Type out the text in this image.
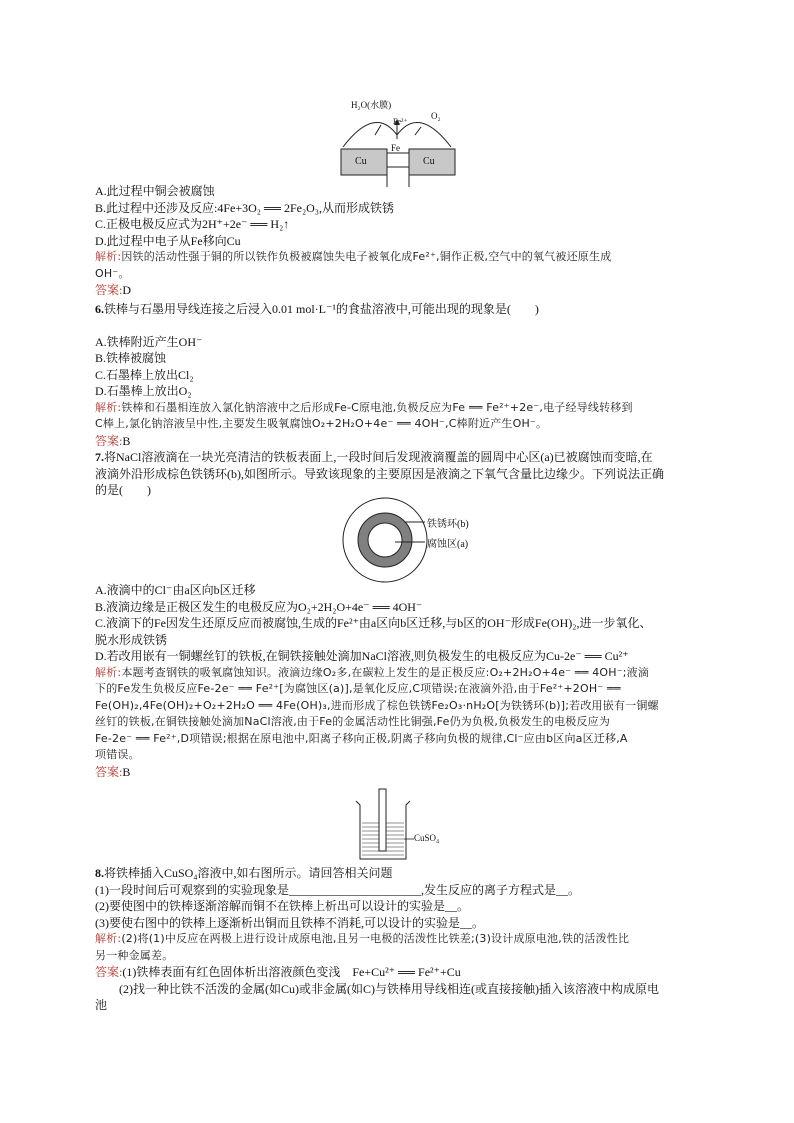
H₂O(水膜)
Fe²⁺
O₂
Fe
Cu	Cu
A.此过程中铜会被腐蚀
B.此过程中还涉及反应:4Fe+3O₂ ══ 2Fe₂O₃,从而形成铁锈
C.正极电极反应式为2H⁺+2e⁻ ══ H₂↑
D.此过程中电子从Fe移向Cu
解析:因铁的活动性强于铜的所以铁作负极被腐蚀失电子被氧化成Fe²⁺,铜作正极,空气中的氧气被还原生成
OH⁻。
答案:D
6.铁棒与石墨用导线连接之后浸入0.01 mol·L⁻¹的食盐溶液中,可能出现的现象是(　　)
A.铁棒附近产生OH⁻
B.铁棒被腐蚀
C.石墨棒上放出Cl₂
D.石墨棒上放出O₂
解析:铁棒和石墨相连放入氯化钠溶液中之后形成Fe-C原电池,负极反应为Fe ══ Fe²⁺+2e⁻,电子经导线转移到
C棒上,氯化钠溶液呈中性,主要发生吸氧腐蚀O₂+2H₂O+4e⁻ ══ 4OH⁻,C棒附近产生OH⁻。
答案:B
7.将NaCl溶液滴在一块光亮清洁的铁板表面上,一段时间后发现液滴覆盖的圆周中心区(a)已被腐蚀而变暗,在
液滴外沿形成棕色铁锈环(b),如图所示。导致该现象的主要原因是液滴之下氧气含量比边缘少。下列说法正确
的是(　　)
A.液滴中的Cl⁻由a区向b区迁移
B.液滴边缘是正极区发生的电极反应为O₂+2H₂O+4e⁻ ══ 4OH⁻
C.液滴下的Fe因发生还原反应而被腐蚀,生成的Fe²⁺由a区向b区迁移,与b区的OH⁻形成Fe(OH)₂,进一步氧化、
脱水形成铁锈
D.若改用嵌有一铜螺丝钉的铁板,在铜铁接触处滴加NaCl溶液,则负极发生的电极反应为Cu-2e⁻ ══ Cu²⁺
解析:本题考查钢铁的吸氧腐蚀知识。液滴边缘O₂多,在碳粒上发生的是正极反应:O₂+2H₂O+4e⁻ ══ 4OH⁻;液滴
下的Fe发生负极反应Fe-2e⁻ ══ Fe²⁺[为腐蚀区(a)],是氧化反应,C项错误;在液滴外沿,由于Fe²⁺+2OH⁻ ══
Fe(OH)₂,4Fe(OH)₂+O₂+2H₂O ══ 4Fe(OH)₃,进而形成了棕色铁锈Fe₂O₃·nH₂O[为铁锈环(b)];若改用嵌有一铜螺
丝钉的铁板,在铜铁接触处滴加NaCl溶液,由于Fe的金属活动性比铜强,Fe仍为负极,负极发生的电极反应为
Fe-2e⁻ ══ Fe²⁺,D项错误;根据在原电池中,阳离子移向正极,阴离子移向负极的规律,Cl⁻应由b区向a区迁移,A
项错误。
答案:B
8.将铁棒插入CuSO₄溶液中,如右图所示。请回答相关问题
(1)一段时间后可观察到的实验现象是______________________,发生反应的离子方程式是__。
(2)要使图中的铁棒逐渐溶解而铜不在铁棒上析出可以设计的实验是__。
(3)要使右图中的铁棒上逐渐析出铜而且铁棒不消耗,可以设计的实验是__。
解析:(2)将(1)中反应在两极上进行设计成原电池,且另一电极的活泼性比铁差;(3)设计成原电池,铁的活泼性比
另一种金属差。
答案:(1)铁棒表面有红色固体析出溶液颜色变浅　Fe+Cu²⁺ ══ Fe²⁺+Cu
(2)找一种比铁不活泼的金属(如Cu)或非金属(如C)与铁棒用导线相连(或直接接触)插入该溶液中构成原电
池
铁锈环(b)
腐蚀区(a)
CuSO₄
